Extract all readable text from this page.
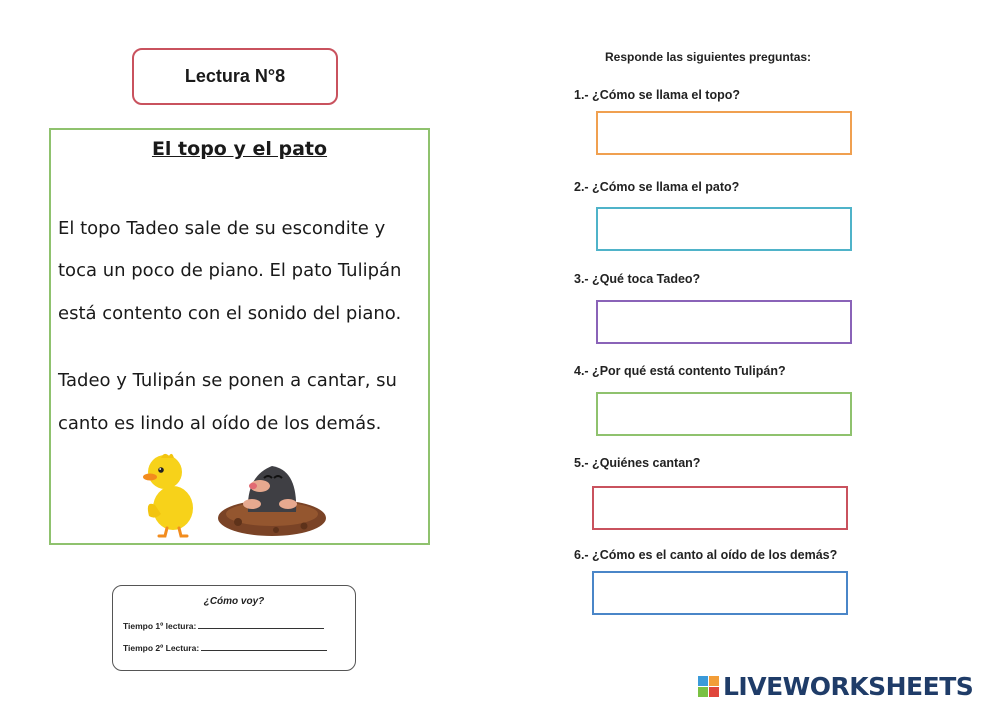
Lectura N°8
El topo y el pato
El topo Tadeo sale de su escondite y
toca un poco de piano. El pato Tulipán
está contento con el sonido del piano.
Tadeo y Tulipán se ponen a cantar, su
canto es lindo al oído de los demás.
¿Cómo voy?
Tiempo 1º lectura:
Tiempo 2º Lectura:
Responde las siguientes preguntas:
1.- ¿Cómo se llama el topo?
2.- ¿Cómo se llama el pato?
3.- ¿Qué toca Tadeo?
4.- ¿Por qué está contento Tulipán?
5.- ¿Quiénes cantan?
6.- ¿Cómo es el canto al oído de los demás?
LIVEWORKSHEETS
